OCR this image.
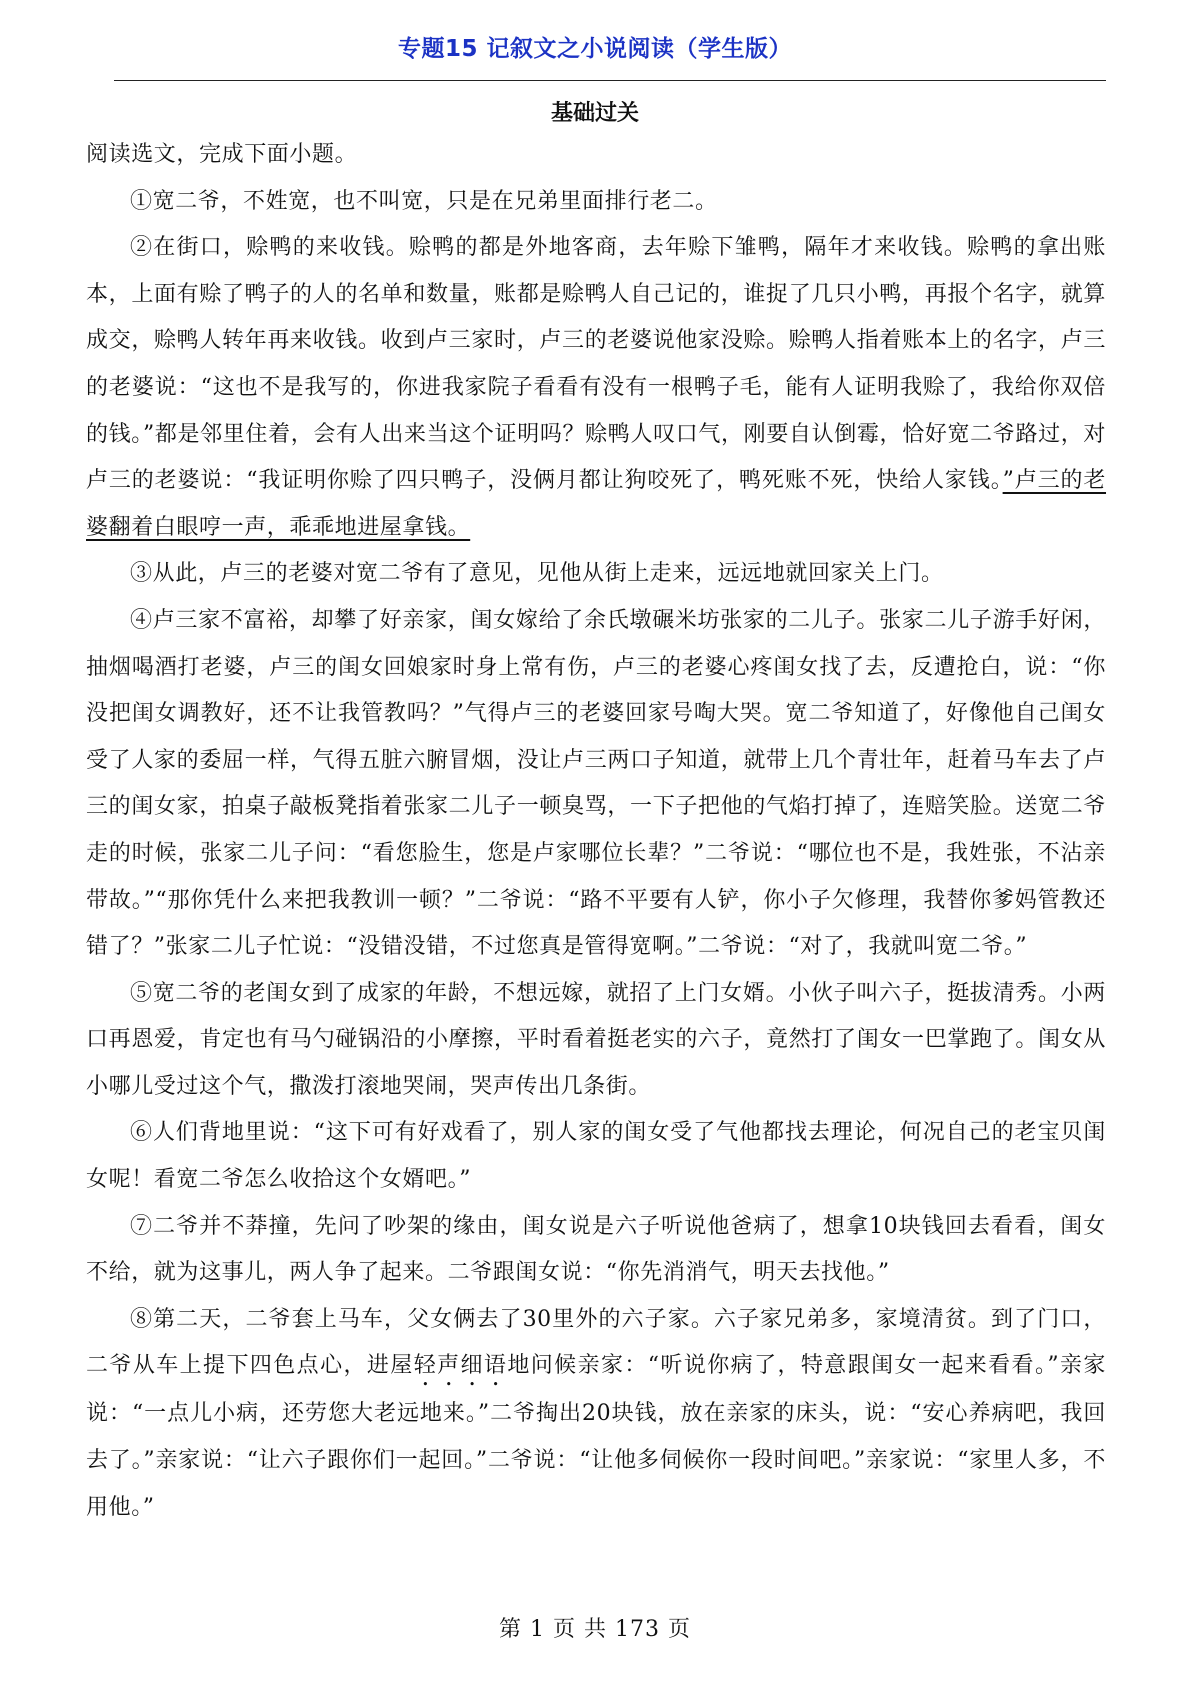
专题15 记叙文之小说阅读（学生版）
基础过关

阅读选文，完成下面小题。

①宽二爷，不姓宽，也不叫宽，只是在兄弟里面排行老二。

②在街口，赊鸭的来收钱。赊鸭的都是外地客商，去年赊下雏鸭，隔年才来收钱。赊鸭的拿出账本，上面有赊了鸭子的人的名单和数量，账都是赊鸭人自己记的，谁捉了几只小鸭，再报个名字，就算成交，赊鸭人转年再来收钱。收到卢三家时，卢三的老婆说他家没赊。赊鸭人指着账本上的名字，卢三的老婆说：“这也不是我写的，你进我家院子看看有没有一根鸭子毛，能有人证明我赊了，我给你双倍的钱。”都是邻里住着，会有人出来当这个证明吗？赊鸭人叹口气，刚要自认倒霉，恰好宽二爷路过，对卢三的老婆说：“我证明你赊了四只鸭子，没俩月都让狗咬死了，鸭死账不死，快给人家钱。”卢三的老婆翻着白眼哼一声，乖乖地进屋拿钱。

③从此，卢三的老婆对宽二爷有了意见，见他从街上走来，远远地就回家关上门。

④卢三家不富裕，却攀了好亲家，闺女嫁给了余氏墩碾米坊张家的二儿子。张家二儿子游手好闲，抽烟喝酒打老婆，卢三的闺女回娘家时身上常有伤，卢三的老婆心疼闺女找了去，反遭抢白，说：“你没把闺女调教好，还不让我管教吗？”气得卢三的老婆回家号啕大哭。宽二爷知道了，好像他自己闺女受了人家的委屈一样，气得五脏六腑冒烟，没让卢三两口子知道，就带上几个青壮年，赶着马车去了卢三的闺女家，拍桌子敲板凳指着张家二儿子一顿臭骂，一下子把他的气焰打掉了，连赔笑脸。送宽二爷走的时候，张家二儿子问：“看您脸生，您是卢家哪位长辈？”二爷说：“哪位也不是，我姓张，不沾亲带故。”“那你凭什么来把我教训一顿？”二爷说：“路不平要有人铲，你小子欠修理，我替你爹妈管教还错了？”张家二儿子忙说：“没错没错，不过您真是管得宽啊。”二爷说：“对了，我就叫宽二爷。”

⑤宽二爷的老闺女到了成家的年龄，不想远嫁，就招了上门女婿。小伙子叫六子，挺拔清秀。小两口再恩爱，肯定也有马勺碰锅沿的小摩擦，平时看着挺老实的六子，竟然打了闺女一巴掌跑了。闺女从小哪儿受过这个气，撒泼打滚地哭闹，哭声传出几条街。

⑥人们背地里说：“这下可有好戏看了，别人家的闺女受了气他都找去理论，何况自己的老宝贝闺女呢！看宽二爷怎么收拾这个女婿吧。”

⑦二爷并不莽撞，先问了吵架的缘由，闺女说是六子听说他爸病了，想拿10块钱回去看看，闺女不给，就为这事儿，两人争了起来。二爷跟闺女说：“你先消消气，明天去找他。”

⑧第二天，二爷套上马车，父女俩去了30里外的六子家。六子家兄弟多，家境清贫。到了门口，二爷从车上提下四色点心，进屋轻声细语地问候亲家：“听说你病了，特意跟闺女一起来看看。”亲家说：“一点儿小病，还劳您大老远地来。”二爷掏出20块钱，放在亲家的床头，说：“安心养病吧，我回去了。”亲家说：“让六子跟你们一起回。”二爷说：“让他多伺候你一段时间吧。”亲家说：“家里人多，不用他。”

第 1 页 共 173 页
